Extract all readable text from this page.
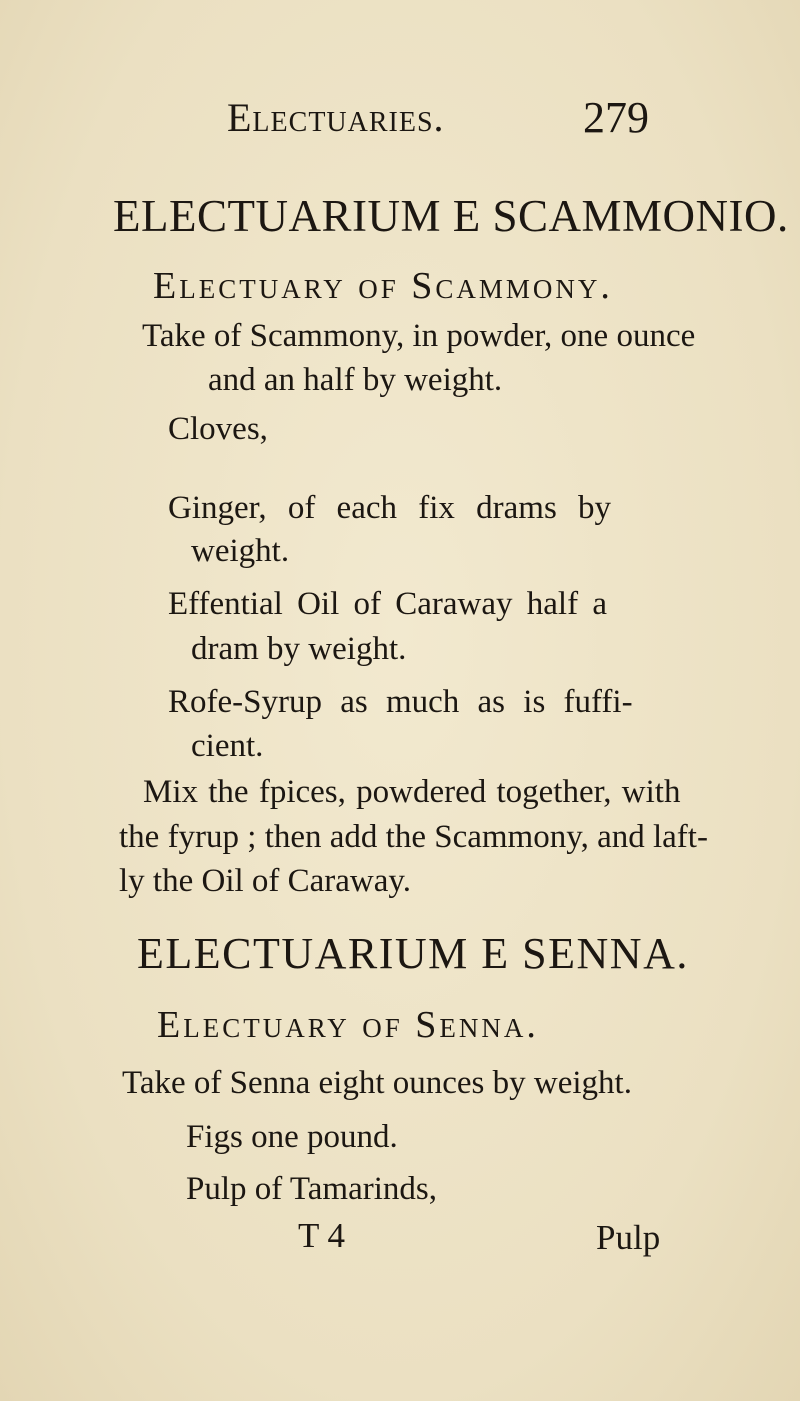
Electuaries.	279
ELECTUARIUM E SCAMMONIO.
Electuary of Scammony.
Take of Scammony, in powder, one ounce
and an half by weight.
Cloves,
Ginger, of each fix drams by
weight.
Effential Oil of Caraway half a
dram by weight.
Rofe-Syrup as much as is fuffi-
cient.
ELECTUARIUM E SENNA.
Electuary of Senna.
Take of Senna eight ounces by weight.
Figs one pound.
Pulp of Tamarinds,
T 4	Pulp
Mix the fpices, powdered together, with
the fyrup ; then add the Scammony, and laft-
ly the Oil of Caraway.
